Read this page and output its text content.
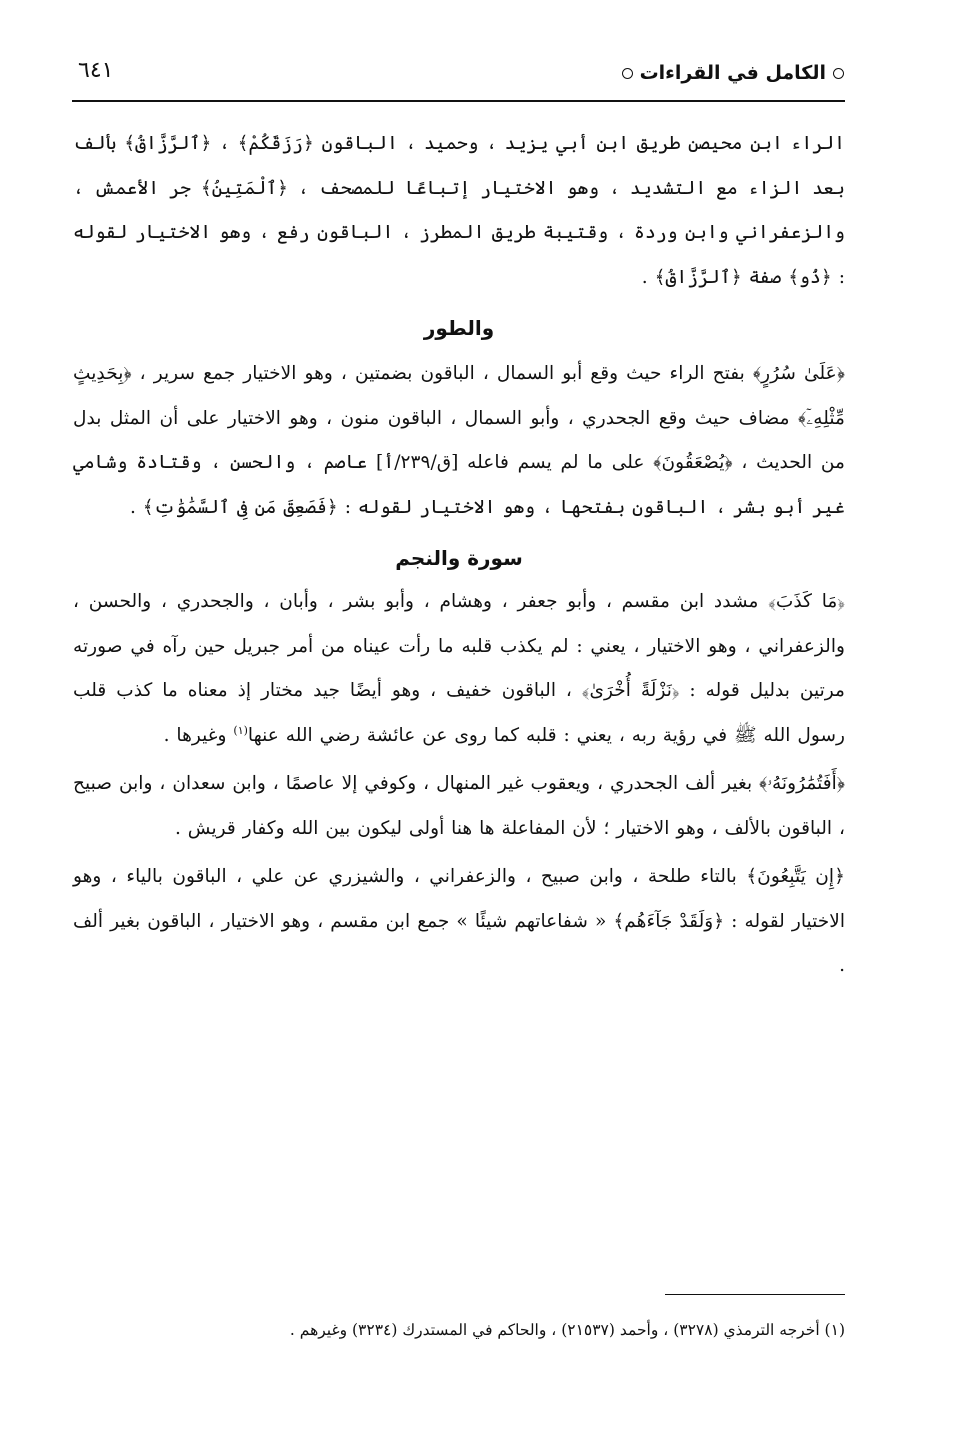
الكامل في القراءات
٦٤١

الراء ابن محيصن طريق ابن أبي يزيد ، وحميد ، الباقون ﴿رَزَقَكُمْ﴾ ، ﴿ٱلرَّزَّاقُ﴾ بألف بعد الزاء مع التشديد ، وهو الاختيار إتباعًا للمصحف ، ﴿ٱلْمَتِينُ﴾ جر الأعمش ، والزعفراني وابن وردة ، وقتيبة طريق المطرز ، الباقون رفع ، وهو الاختيار لقوله : ﴿ذُو﴾ صفة ﴿ٱلرَّزَّاقُ﴾ .

والطور

﴿عَلَىٰ سُرُرٍ﴾ بفتح الراء حيث وقع أبو السمال ، الباقون بضمتين ، وهو الاختيار جمع سرير ، ﴿بِحَدِيثٍ مِّثْلِهِۦٓ﴾ مضاف حيث وقع الجحدري ، وأبو السمال ، الباقون منون ، وهو الاختيار على أن المثل بدل من الحديث ، ﴿يُصْعَقُونَ﴾ على ما لم يسم فاعله [ق/٢٣٩/أ] عاصم ، والحسن ، وقتادة وشامي غير أبو بشر ، الباقون بفتحها ، وهو الاختيار لقوله : ﴿فَصَعِقَ مَن فِى ٱلسَّمَٰوَٰتِ﴾ .

سورة والنجم

﴿مَا كَذَبَ﴾ مشدد ابن مقسم ، وأبو جعفر ، وهشام ، وأبو بشر ، وأبان ، والجحدري ، والحسن ، والزعفراني ، وهو الاختيار ، يعني : لم يكذب قلبه ما رأت عيناه من أمر جبريل حين رآه في صورته مرتين بدليل قوله : ﴿نَزْلَةً أُخْرَىٰ﴾ ، الباقون خفيف ، وهو أيضًا جيد مختار إذ معناه ما كذب قلب رسول الله ﷺ في رؤية ربه ، يعني : قلبه كما روى عن عائشة رضي الله عنها$^{(١)}$ وغيرها .

﴿أَفَتُمَٰرُونَهُۥ﴾ بغير ألف الجحدري ، ويعقوب غير المنهال ، وكوفي إلا عاصمًا ، وابن سعدان ، وابن صبيح ، الباقون بالألف ، وهو الاختيار ؛ لأن المفاعلة ها هنا أولى ليكون بين الله وكفار قريش .

﴿إِن يَتَّبِعُونَ﴾ بالتاء طلحة ، وابن صبيح ، والزعفراني ، والشيزري عن علي ، الباقون بالياء ، وهو الاختيار لقوله : ﴿وَلَقَدْ جَآءَهُم﴾ « شفاعاتهم شيئًا » جمع ابن مقسم ، وهو الاختيار ، الباقون بغير ألف .

(١) أخرجه الترمذي (٣٢٧٨) ، وأحمد (٢١٥٣٧) ، والحاكم في المستدرك (٣٢٣٤) وغيرهم .
